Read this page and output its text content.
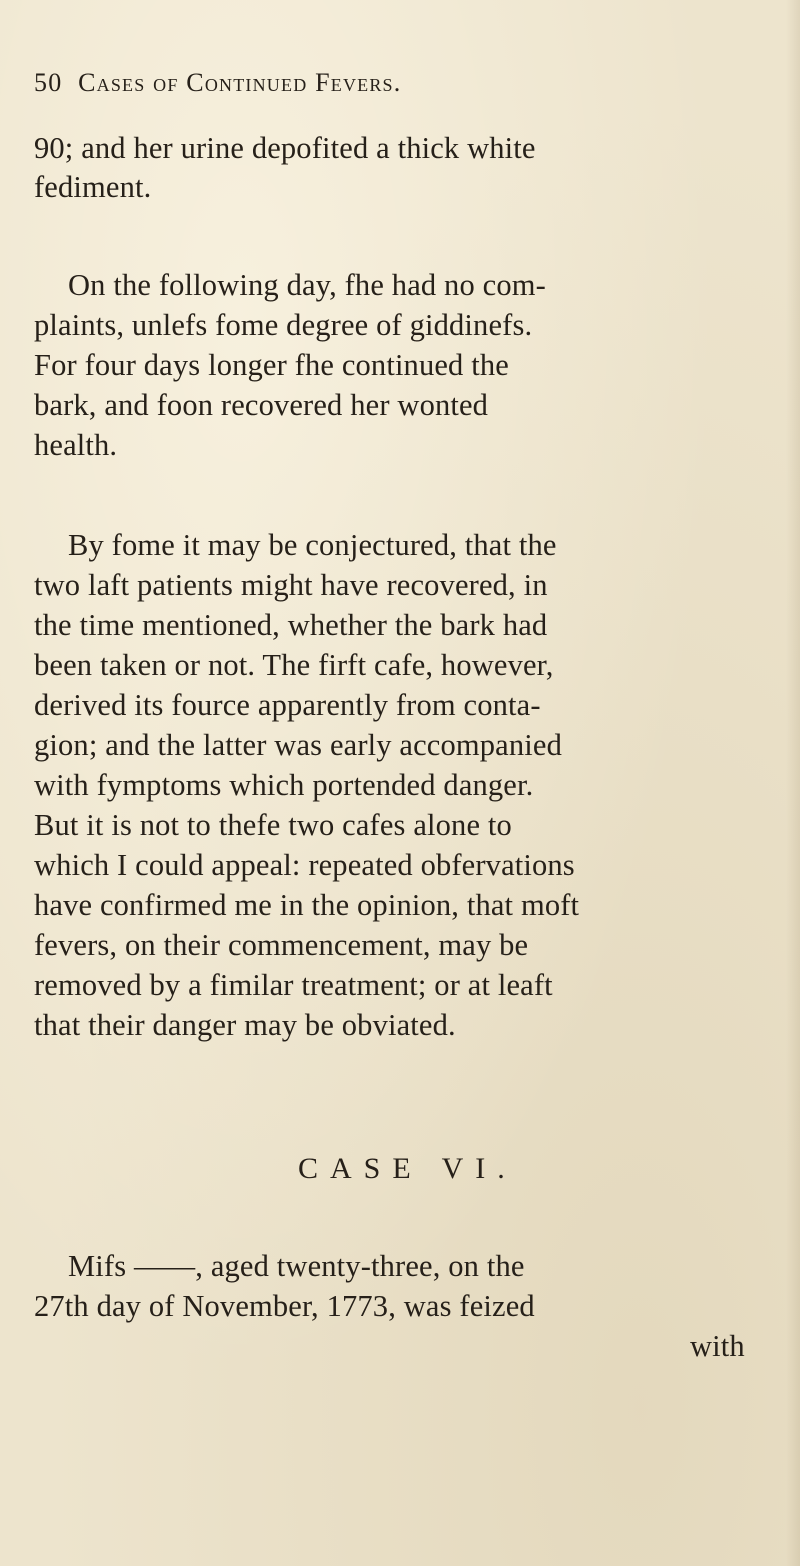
50 Cases of Continued Fevers.
90; and her urine depofited a thick white
fediment.
On the following day, fhe had no com-
plaints, unlefs fome degree of giddinefs.
For four days longer fhe continued the
bark, and foon recovered her wonted
health.
By fome it may be conjectured, that the
two laft patients might have recovered, in
the time mentioned, whether the bark had
been taken or not. The firft cafe, however,
derived its fource apparently from conta-
gion; and the latter was early accompanied
with fymptoms which portended danger.
But it is not to thefe two cafes alone to
which I could appeal: repeated obfervations
have confirmed me in the opinion, that moft
fevers, on their commencement, may be
removed by a fimilar treatment; or at leaft
that their danger may be obviated.
CASE VI.
Mifs ——, aged twenty-three, on the
27th day of November, 1773, was feized
with
